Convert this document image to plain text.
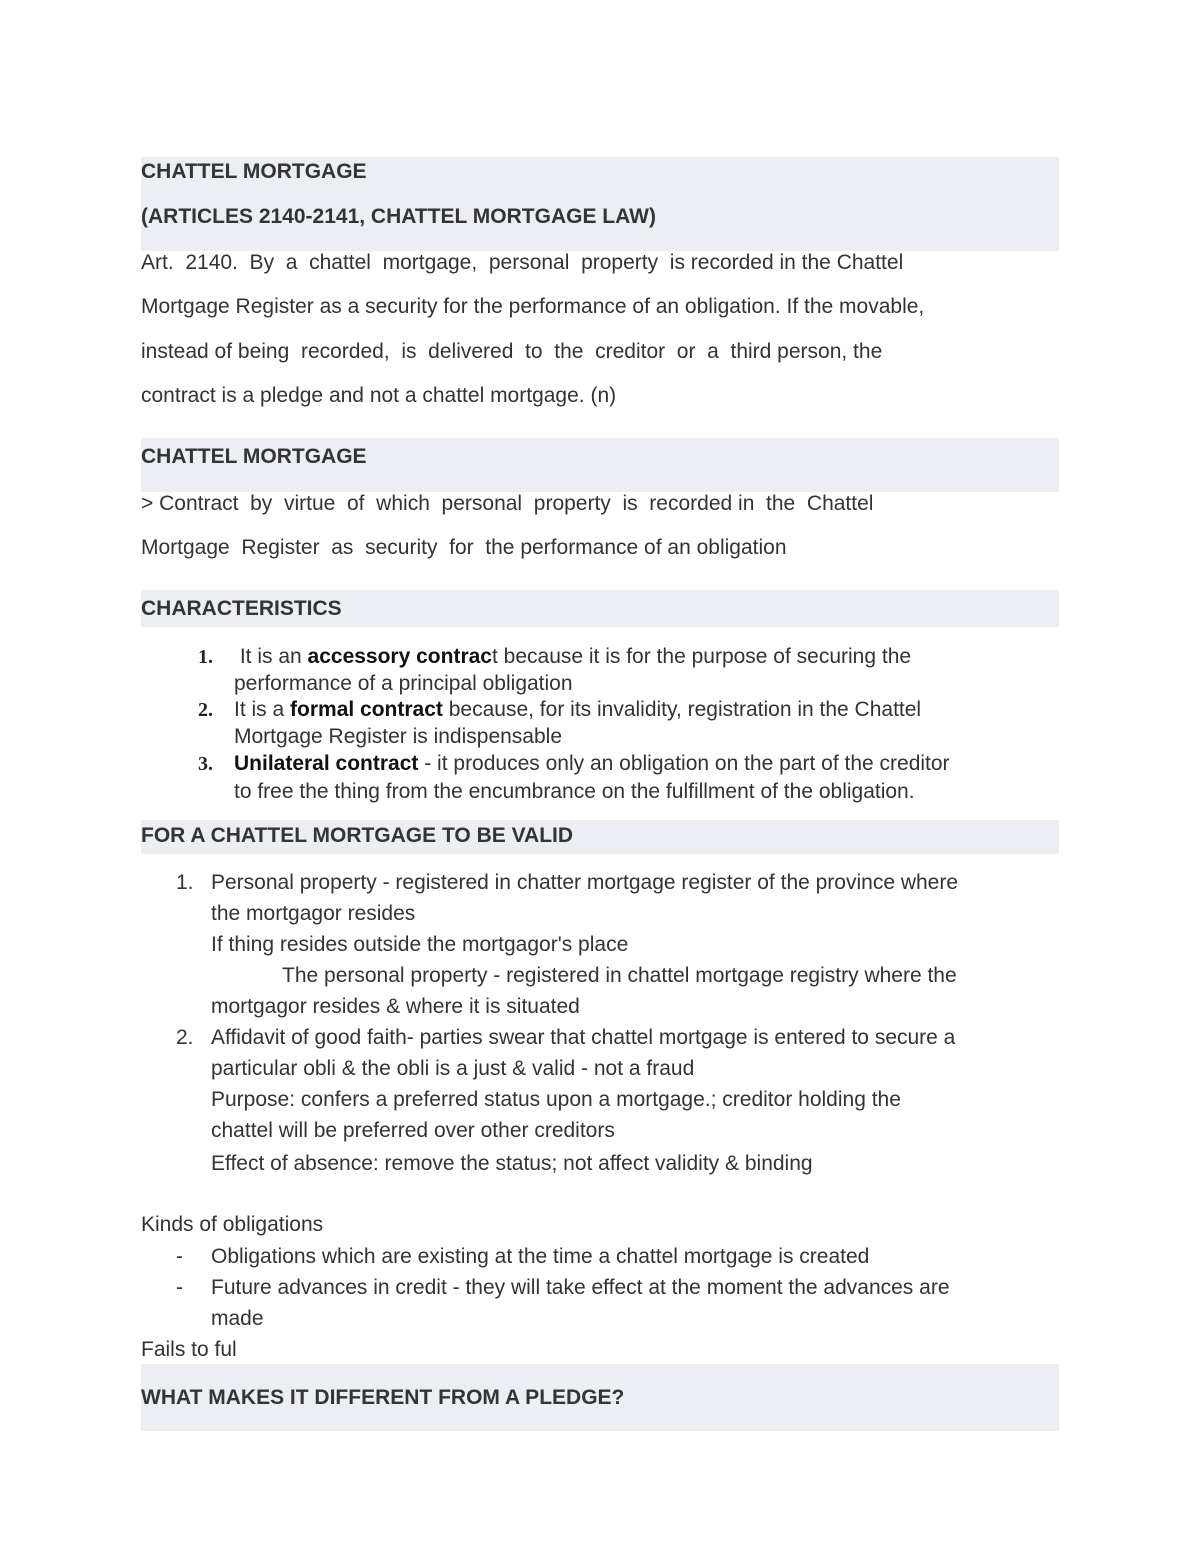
CHATTEL MORTGAGE
(ARTICLES 2140-2141, CHATTEL MORTGAGE LAW)
Art.  2140.  By  a  chattel  mortgage,  personal  property  is recorded in the Chattel
Mortgage Register as a security for the performance of an obligation. If the movable,
instead of being  recorded,  is  delivered  to  the  creditor  or  a  third person, the
contract is a pledge and not a chattel mortgage. (n)
CHATTEL MORTGAGE
> Contract  by  virtue  of  which  personal  property  is  recorded in  the  Chattel
Mortgage  Register  as  security  for  the performance of an obligation
CHARACTERISTICS
1. It is an accessory contract because it is for the purpose of securing the
performance of a principal obligation
2. It is a formal contract because, for its invalidity, registration in the Chattel
Mortgage Register is indispensable
3. Unilateral contract - it produces only an obligation on the part of the creditor
to free the thing from the encumbrance on the fulfillment of the obligation.
FOR A CHATTEL MORTGAGE TO BE VALID
1. Personal property - registered in chatter mortgage register of the province where
the mortgagor resides
If thing resides outside the mortgagor's place
The personal property - registered in chattel mortgage registry where the
mortgagor resides & where it is situated
2. Affidavit of good faith- parties swear that chattel mortgage is entered to secure a
particular obli & the obli is a just & valid - not a fraud
Purpose: confers a preferred status upon a mortgage.; creditor holding the
chattel will be preferred over other creditors
Effect of absence: remove the status; not affect validity & binding
Kinds of obligations
- Obligations which are existing at the time a chattel mortgage is created
- Future advances in credit - they will take effect at the moment the advances are
made
Fails to ful
WHAT MAKES IT DIFFERENT FROM A PLEDGE?
